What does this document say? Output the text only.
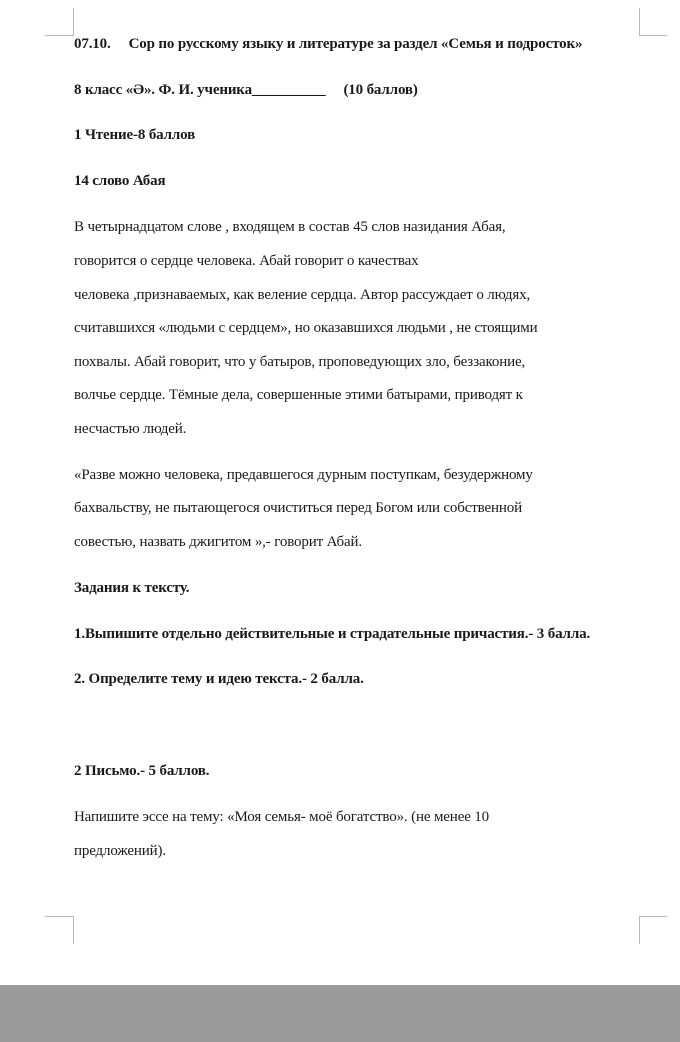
07.10. Сор по русскому языку и литературе за раздел «Семья и подросток»
8 класс «Ә». Ф. И. ученика__________ (10 баллов)
1 Чтение-8 баллов
14 слово Абая
В четырнадцатом слове , входящем в состав 45 слов назидания Абая,
говорится о сердце человека. Абай говорит о качествах
человека ,признаваемых, как веление сердца. Автор рассуждает о людях,
считавшихся «людьми с сердцем», но оказавшихся людьми , не стоящими
похвалы. Абай говорит, что у батыров, проповедующих зло, беззаконие,
волчье сердце. Тёмные дела, совершенные этими батырами, приводят к
несчастью людей.
«Разве можно человека, предавшегося дурным поступкам, безудержному
бахвальству, не пытающегося очиститься перед Богом или собственной
совестью, назвать джигитом »,- говорит Абай.
Задания к тексту.
1.Выпишите отдельно действительные и страдательные причастия.- 3 балла.
2. Определите тему и идею текста.- 2 балла.
2 Письмо.- 5 баллов.
Напишите эссе на тему: «Моя семья- моё богатство». (не менее 10
предложений).
